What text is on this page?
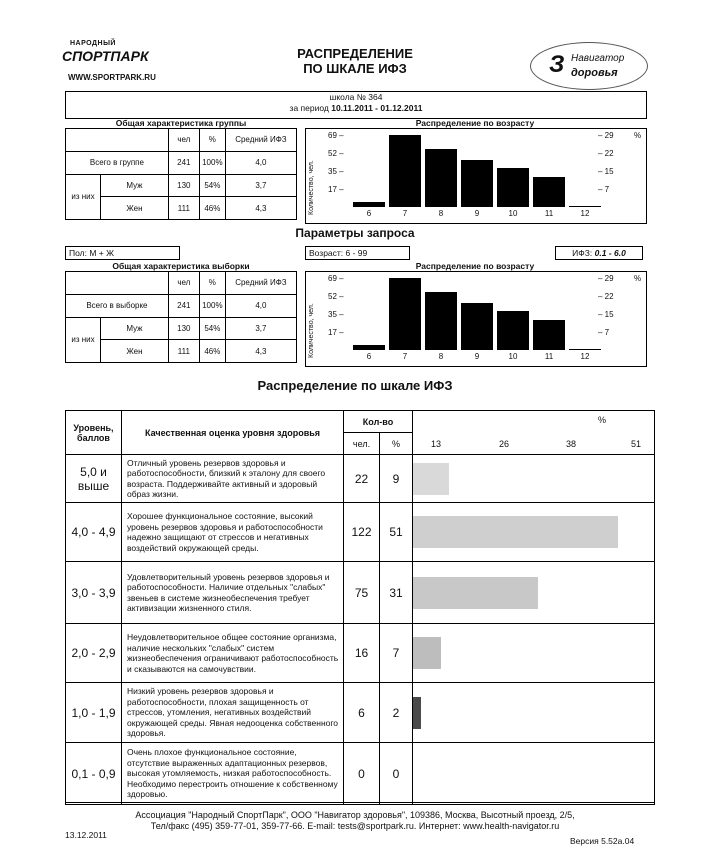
НАРОДНЫЙ
СПОРТПАРК
WWW.SPORTPARK.RU
РАСПРЕДЕЛЕНИЕ
ПО ШКАЛЕ ИФЗ	З Навигатор
доровья
школа № 364
за период 10.11.2011 - 01.12.2011
Общая характеристика группы
		чел	%	Средний ИФЗ
Всего в группе		241	100%	4,0
из них	Муж	130	54%	3,7
	Жен	111	46%	4,3
Распределение по возрасту
Количество, чел.
69 –
52 –
35 –
17 –
– 29
– 22
– 15
– 7
%
6	7	8	9	10	11	12
Параметры запроса
Пол: М + Ж	Возраст: 6 - 99	ИФЗ: 0.1 - 6.0
Общая характеристика выборки
		чел	%	Средний ИФЗ
Всего в выборке		241	100%	4,0
из них	Муж	130	54%	3,7
	Жен	111	46%	4,3
Распределение по возрасту
Количество, чел.
69 –
52 –
35 –
17 –
– 29
– 22
– 15
– 7
%
6	7	8	9	10	11	12
Распределение по шкале ИФЗ
Уровень, баллов	Качественная оценка уровня здоровья	Кол-во		%
13 26 38 51

		чел.	%	
5,0 и выше	Отличный уровень резервов здоровья и работоспособности, близкий к эталону для своего возраста. Поддерживайте активный и здоровый образ жизни.	22	9	

4,0 - 4,9	Хорошее функциональное состояние, высокий уровень резервов здоровья и работоспособности надежно защищают от стрессов и негативных воздействий окружающей среды.	122	51	

3,0 - 3,9	Удовлетворительный уровень резервов здоровья и работоспособности. Наличие отдельных "слабых" звеньев в системе жизнеобеспечения требует активизации жизненного стиля.	75	31	

2,0 - 2,9	Неудовлетворительное общее состояние организма, наличие нескольких "слабых" систем жизнеобеспечения ограничивают работоспособность и сказываются на самочувствии.	16	7	

1,0 - 1,9	Низкий уровень резервов здоровья и работоспособности, плохая защищенность от стрессов, утомления, негативных воздействий окружающей среды. Явная недооценка собственного здоровья.	6	2	

0,1 - 0,9	Очень плохое функциональное состояние, отсутствие выраженных адаптационных резервов, высокая утомляемость, низкая работоспособность. Необходимо перестроить отношение к собственному здоровью.	0	0	
Ассоциация "Народный СпортПарк", ООО "Навигатор здоровья", 109386, Москва, Высотный проезд, 2/5,
Тел/факс (495) 359-77-01, 359-77-66. E-mail: tests@sportpark.ru. Интернет: www.health-navigator.ru
13.12.2011
Версия 5.52а.04
